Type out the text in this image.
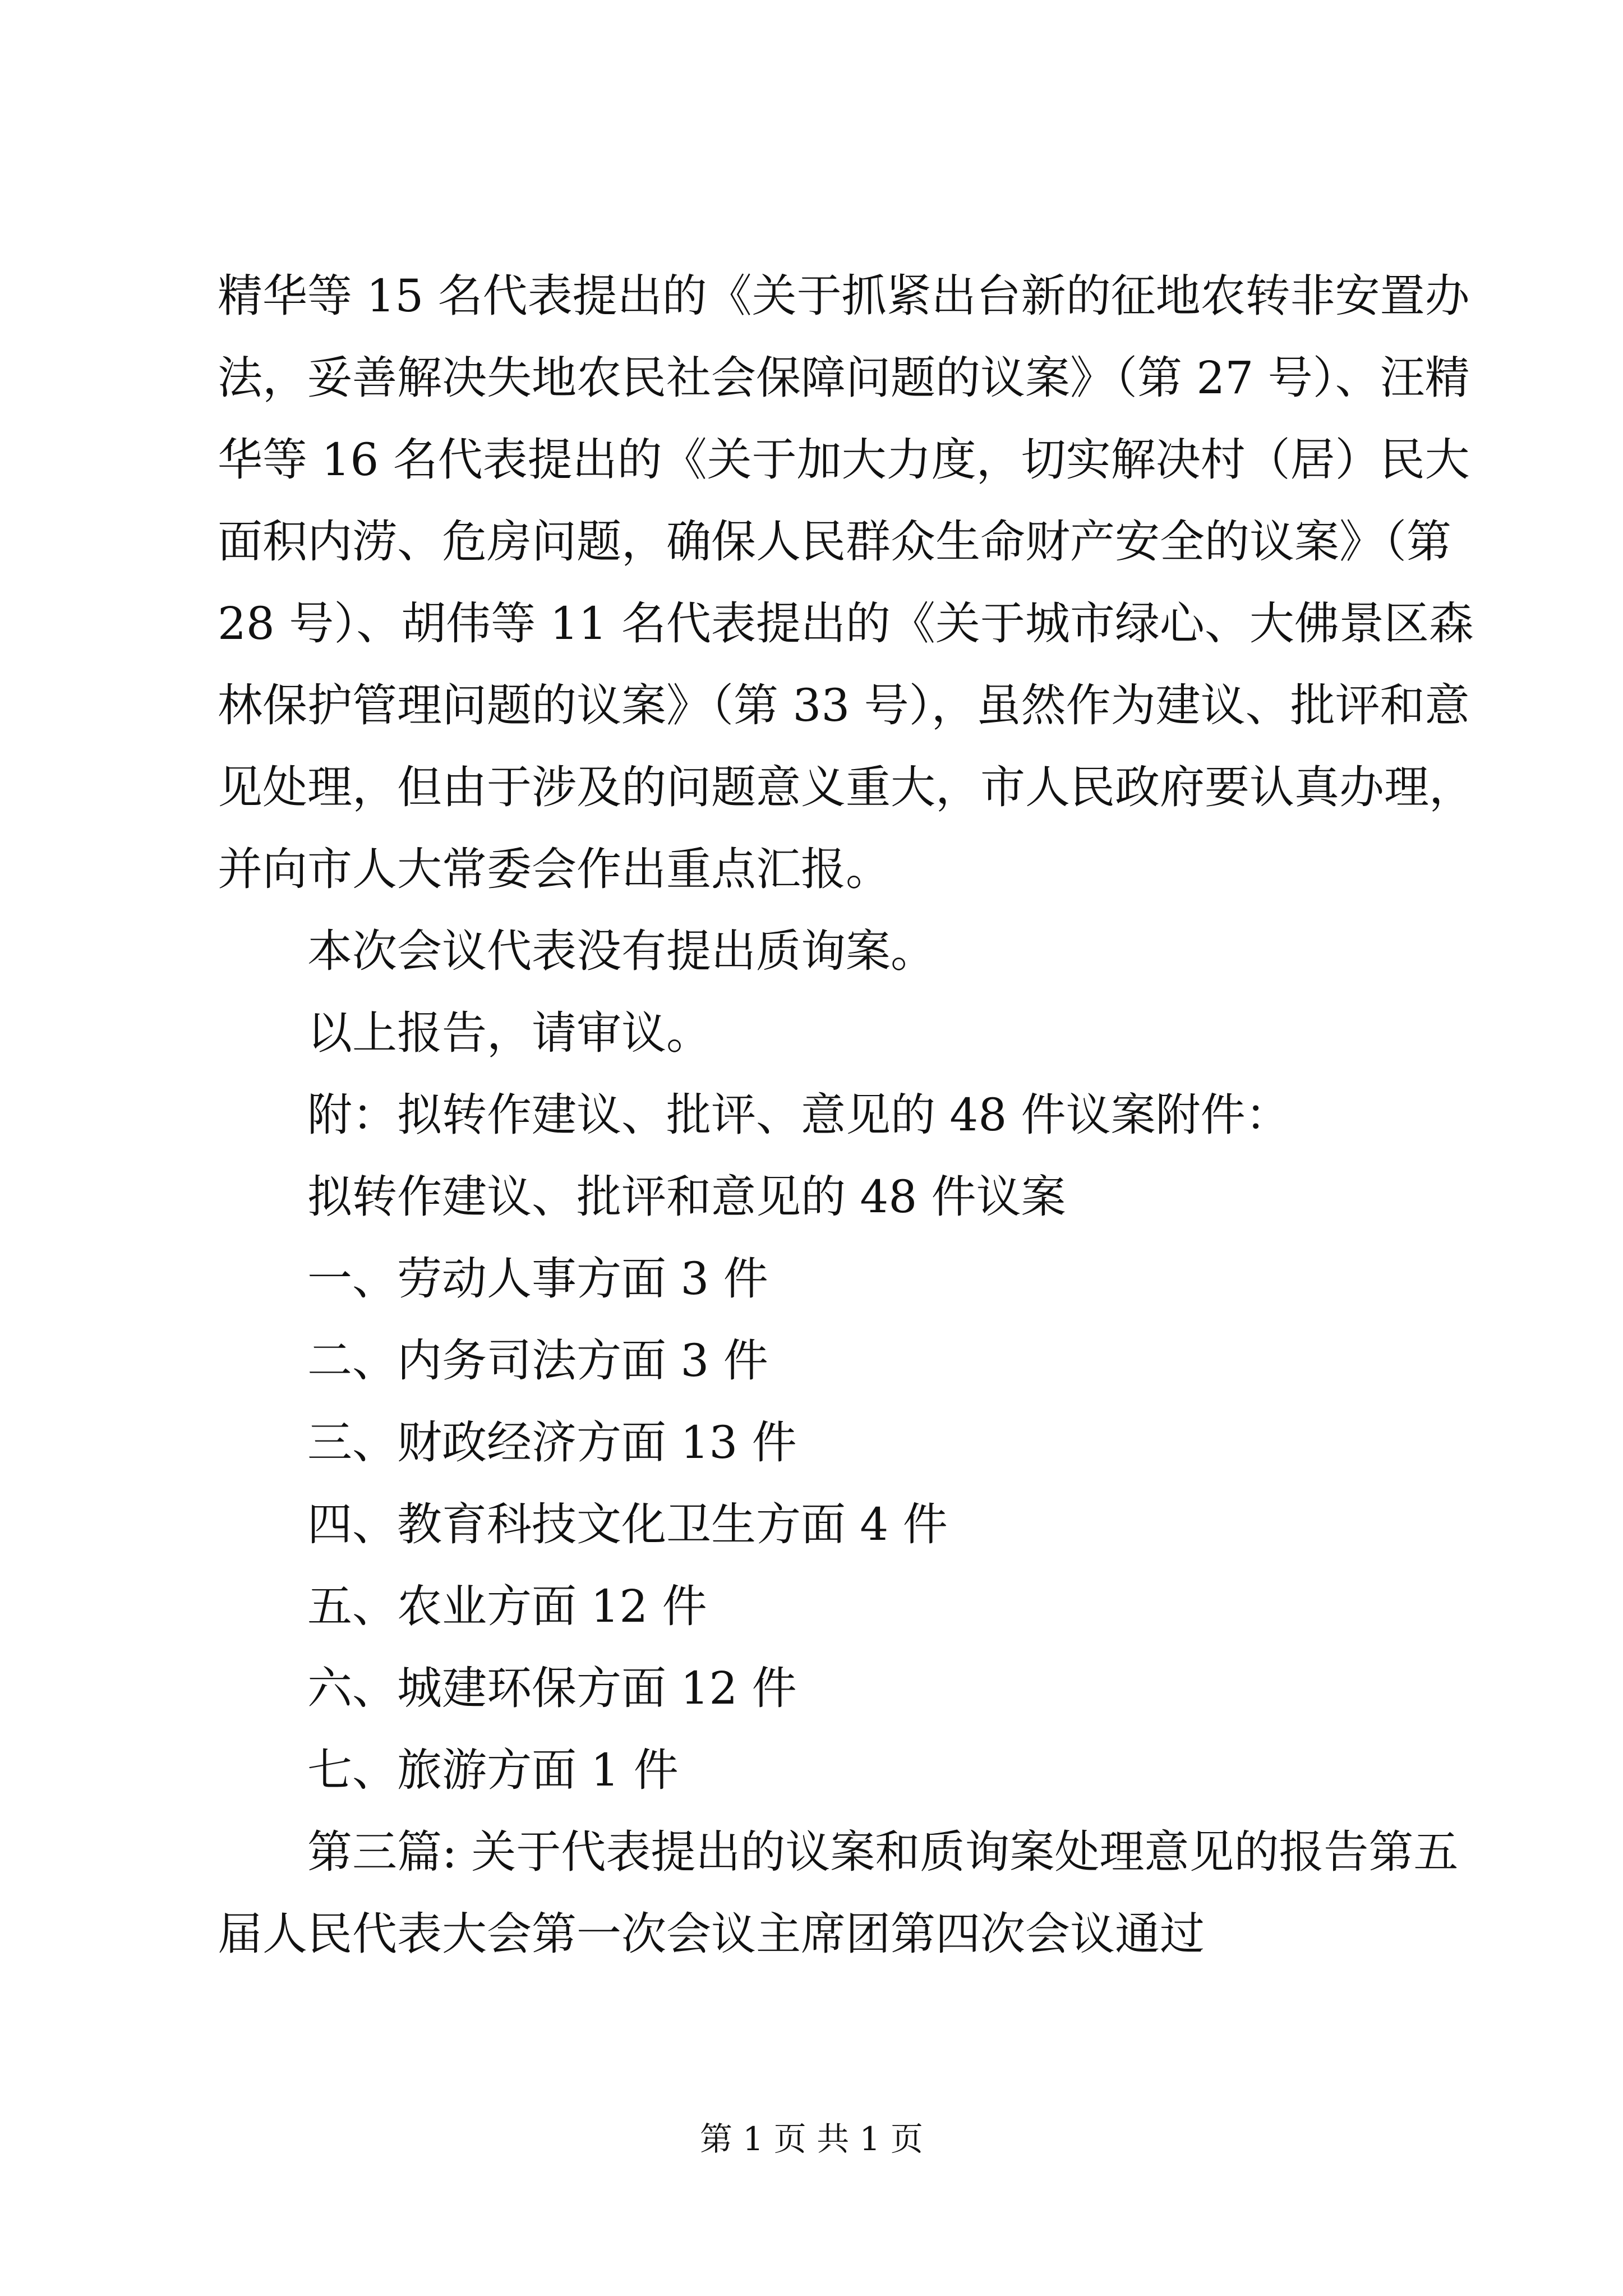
精华等 15 名代表提出的《关于抓紧出台新的征地农转非安置办
法，妥善解决失地农民社会保障问题的议案》（第 27 号）、汪精
华等 16 名代表提出的《关于加大力度，切实解决村（居）民大
面积内涝、危房问题，确保人民群众生命财产安全的议案》（第
28 号）、胡伟等 11 名代表提出的《关于城市绿心、大佛景区森
林保护管理问题的议案》（第 33 号），虽然作为建议、批评和意
见处理，但由于涉及的问题意义重大，市人民政府要认真办理，
并向市人大常委会作出重点汇报。
本次会议代表没有提出质询案。
以上报告，请审议。
附：拟转作建议、批评、意见的 48 件议案附件：
拟转作建议、批评和意见的 48 件议案
一、劳动人事方面 3 件
二、内务司法方面 3 件
三、财政经济方面 13 件
四、教育科技文化卫生方面 4 件
五、农业方面 12 件
六、城建环保方面 12 件
七、旅游方面 1 件
第三篇: 关于代表提出的议案和质询案处理意见的报告第五
届人民代表大会第一次会议主席团第四次会议通过
第 1 页 共 1 页
